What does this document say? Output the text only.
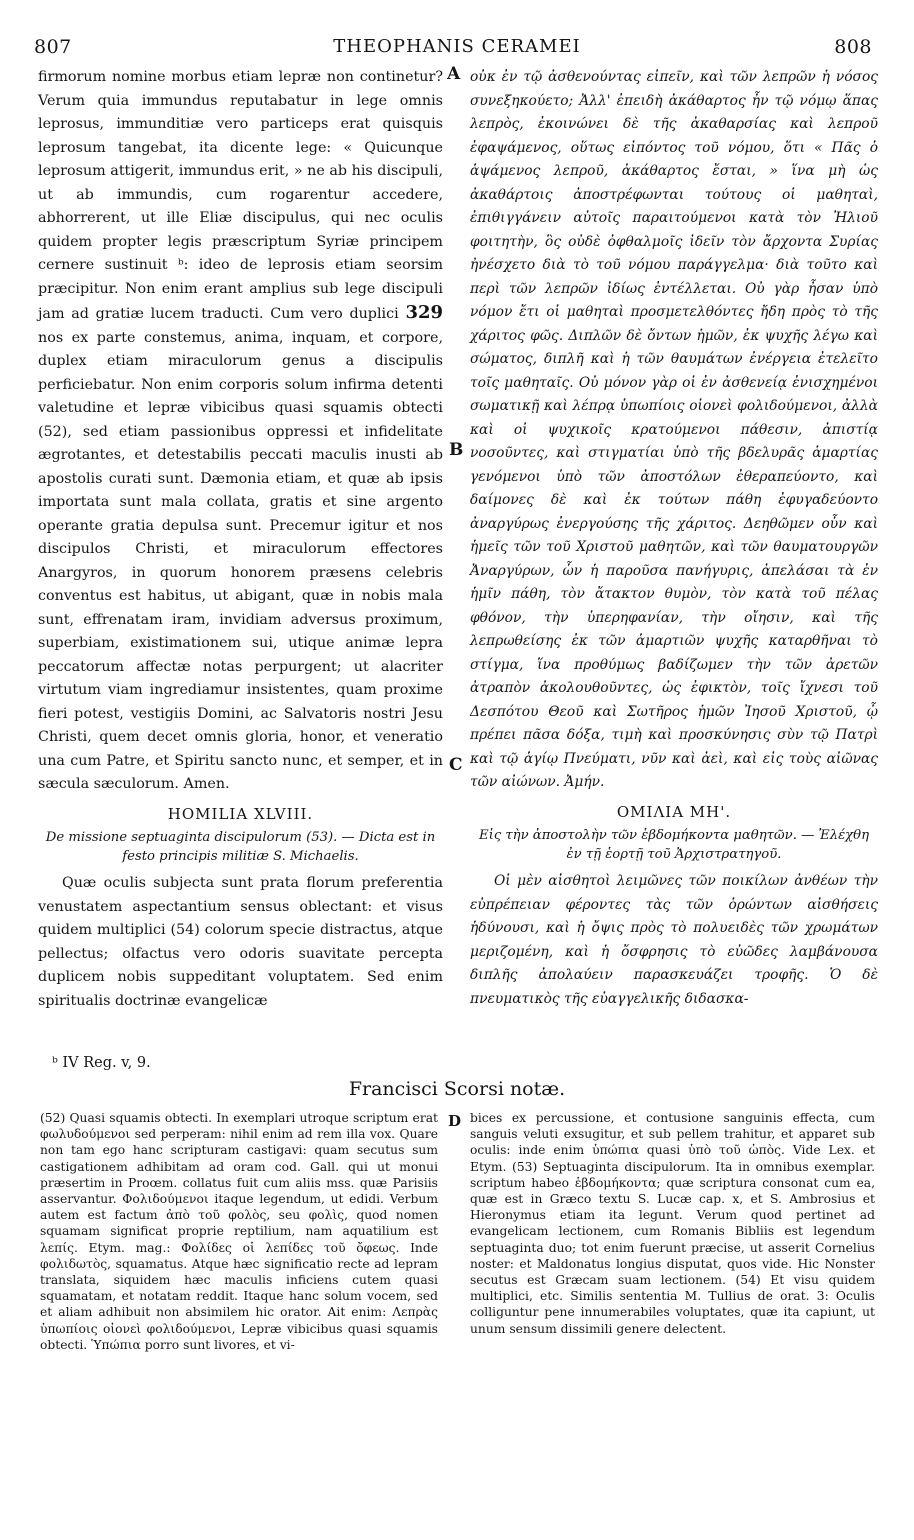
807	THEOPHANIS CERAMEI	808
A
B
C

firmorum nomine morbus etiam lepræ non continetur? Verum quia immundus reputabatur in lege omnis leprosus, immunditiæ vero particeps erat quisquis leprosum tangebat, ita dicente lege: « Quicunque leprosum attigerit, immundus erit, » ne ab his discipuli, ut ab immundis, cum rogarentur accedere, abhorrerent, ut ille Eliæ discipulus, qui nec oculis quidem propter legis præscriptum Syriæ principem cernere sustinuit ᵇ: ideo de leprosis etiam seorsim præcipitur. Non enim erant amplius sub lege discipuli jam ad gratiæ lucem traducti. Cum vero duplici 329 nos ex parte constemus, anima, inquam, et corpore, duplex etiam miraculorum genus a discipulis perficiebatur. Non enim corporis solum infirma detenti valetudine et lepræ vibicibus quasi squamis obtecti (52), sed etiam passionibus oppressi et infidelitate ægrotantes, et detestabilis peccati maculis inusti ab apostolis curati sunt. Dæmonia etiam, et quæ ab ipsis importata sunt mala collata, gratis et sine argento operante gratia depulsa sunt. Precemur igitur et nos discipulos Christi, et miraculorum effectores Anargyros, in quorum honorem præsens celebris conventus est habitus, ut abigant, quæ in nobis mala sunt, effrenatam iram, invidiam adversus proximum, superbiam, existimationem sui, utique animæ lepra peccatorum affectæ notas perpurgent; ut alacriter virtutum viam ingrediamur insistentes, quam proxime fieri potest, vestigiis Domini, ac Salvatoris nostri Jesu Christi, quem decet omnis gloria, honor, et veneratio una cum Patre, et Spiritu sancto nunc, et semper, et in sæcula sæculorum. Amen.

HOMILIA XLVIII.

De missione septuaginta discipulorum (53). — Dicta est in festo principis militiæ S. Michaelis.

Quæ oculis subjecta sunt prata florum preferentia venustatem aspectantium sensus oblectant: et visus quidem multiplici (54) colorum specie distractus, atque pellectus; olfactus vero odoris suavitate percepta duplicem nobis suppeditant voluptatem. Sed enim spiritualis doctrinæ evangelicæ

οὐκ ἐν τῷ ἀσθενούντας εἰπεῖν, καὶ τῶν λεπρῶν ἡ νόσος συνεξηκούετο; Ἀλλ' ἐπειδὴ ἀκάθαρτος ἦν τῷ νόμῳ ἅπας λεπρὸς, ἐκοινώνει δὲ τῆς ἀκαθαρσίας καὶ λεπροῦ ἐφαψάμενος, οὕτως εἰπόντος τοῦ νόμου, ὅτι « Πᾶς ὁ ἁψάμενος λεπροῦ, ἀκάθαρτος ἔσται, » ἵνα μὴ ὡς ἀκαθάρτοις ἀποστρέφωνται τούτους οἱ μαθηταὶ, ἐπιθιγγάνειν αὐτοῖς παραιτούμενοι κατὰ τὸν Ἠλιοῦ φοιτητὴν, ὃς οὐδὲ ὀφθαλμοῖς ἰδεῖν τὸν ἄρχοντα Συρίας ἠνέσχετο διὰ τὸ τοῦ νόμου παράγγελμα· διὰ τοῦτο καὶ περὶ τῶν λεπρῶν ἰδίως ἐντέλλεται. Οὐ γὰρ ἦσαν ὑπὸ νόμον ἔτι οἱ μαθηταὶ προσμετελθόντες ἤδη πρὸς τὸ τῆς χάριτος φῶς. Διπλῶν δὲ ὄντων ἡμῶν, ἐκ ψυχῆς λέγω καὶ σώματος, διπλῆ καὶ ἡ τῶν θαυμάτων ἐνέργεια ἐτελεῖτο τοῖς μαθηταῖς. Οὐ μόνον γὰρ οἱ ἐν ἀσθενείᾳ ἐνισχημένοι σωματικῇ καὶ λέπρᾳ ὑπωπίοις οἱονεὶ φολιδούμενοι, ἀλλὰ καὶ οἱ ψυχικοῖς κρατούμενοι πάθεσιν, ἀπιστίᾳ νοσοῦντες, καὶ στιγματίαι ὑπὸ τῆς βδελυρᾶς ἁμαρτίας γενόμενοι ὑπὸ τῶν ἀποστόλων ἐθεραπεύοντο, καὶ δαίμονες δὲ καὶ ἐκ τούτων πάθη ἐφυγαδεύοντο ἀναργύρως ἐνεργούσης τῆς χάριτος. Δεηθῶμεν οὖν καὶ ἡμεῖς τῶν τοῦ Χριστοῦ μαθητῶν, καὶ τῶν θαυματουργῶν Ἀναργύρων, ὧν ἡ παροῦσα πανήγυρις, ἀπελάσαι τὰ ἐν ἡμῖν πάθη, τὸν ἄτακτον θυμὸν, τὸν κατὰ τοῦ πέλας φθόνον, τὴν ὑπερηφανίαν, τὴν οἴησιν, καὶ τῆς λεπρωθείσης ἐκ τῶν ἁμαρτιῶν ψυχῆς καταρθῆναι τὸ στίγμα, ἵνα προθύμως βαδίζωμεν τὴν τῶν ἀρετῶν ἀτραπὸν ἀκολουθοῦντες, ὡς ἐφικτὸν, τοῖς ἴχνεσι τοῦ Δεσπότου Θεοῦ καὶ Σωτῆρος ἡμῶν Ἰησοῦ Χριστοῦ, ᾧ πρέπει πᾶσα δόξα, τιμὴ καὶ προσκύνησις σὺν τῷ Πατρὶ καὶ τῷ ἁγίῳ Πνεύματι, νῦν καὶ ἀεὶ, καὶ εἰς τοὺς αἰῶνας τῶν αἰώνων. Ἀμήν.

ΟΜΙΛΙΑ ΜΗ'.

Εἰς τὴν ἀποστολὴν τῶν ἑβδομήκοντα μαθητῶν. — Ἐλέχθη ἐν τῇ ἑορτῇ τοῦ Ἀρχιστρατηγοῦ.

Οἱ μὲν αἰσθητοὶ λειμῶνες τῶν ποικίλων ἀνθέων τὴν εὐπρέπειαν φέροντες τὰς τῶν ὁρώντων αἰσθήσεις ἡδύνουσι, καὶ ἡ ὄψις πρὸς τὸ πολυειδὲς τῶν χρωμάτων μεριζομένη, καὶ ἡ ὄσφρησις τὸ εὐῶδες λαμβάνουσα διπλῆς ἀπολαύειν παρασκευάζει τροφῆς. Ὁ δὲ πνευματικὸς τῆς εὐαγγελικῆς διδασκα-

ᵇ IV Reg. v, 9.
Francisci Scorsi notæ.

(52) Quasi squamis obtecti. In exemplari utroque scriptum erat φωλυδούμενοι sed perperam: nihil enim ad rem illa vox. Quare non tam ego hanc scripturam castigavi: quam secutus sum castigationem adhibitam ad oram cod. Gall. qui ut monui præsertim in Proœm. collatus fuit cum aliis mss. quæ Parisiis asservantur. Φολιδούμενοι itaque legendum, ut edidi. Verbum autem est factum ἀπὸ τοῦ φολὸς, seu φολὶς, quod nomen squamam significat proprie reptilium, nam aquatilium est λεπίς. Etym. mag.: Φολίδες οἱ λεπίδες τοῦ ὄφεως. Inde φολιδωτὸς, squamatus. Atque hæc significatio recte ad lepram translata, siquidem hæc maculis inficiens cutem quasi squamatam, et notatam reddit. Itaque hanc solum vocem, sed et aliam adhibuit non absimilem hic orator. Ait enim: Λεπρὰς ὑπωπίοις οἱονεὶ φολιδούμενοι, Lepræ vibicibus quasi squamis obtecti. Ὑπώπια porro sunt livores, et vi-

D bices ex percussione, et contusione sanguinis effecta, cum sanguis veluti exsugitur, et sub pellem trahitur, et apparet sub oculis: inde enim ὑπώπια quasi ὑπὸ τοῦ ὠπὸς. Vide Lex. et Etym. (53) Septuaginta discipulorum. Ita in omnibus exemplar. scriptum habeo ἑβδομήκοντα; quæ scriptura consonat cum ea, quæ est in Græco textu S. Lucæ cap. x, et S. Ambrosius et Hieronymus etiam ita legunt. Verum quod pertinet ad evangelicam lectionem, cum Romanis Bibliis est legendum septuaginta duo; tot enim fuerunt præcise, ut asserit Cornelius noster: et Maldonatus longius disputat, quos vide. Hic Nonster secutus est Græcam suam lectionem. (54) Et visu quidem multiplici, etc. Similis sententia M. Tullius de orat. 3: Oculis colliguntur pene innumerabiles voluptates, quæ ita capiunt, ut unum sensum dissimili genere delectent.
